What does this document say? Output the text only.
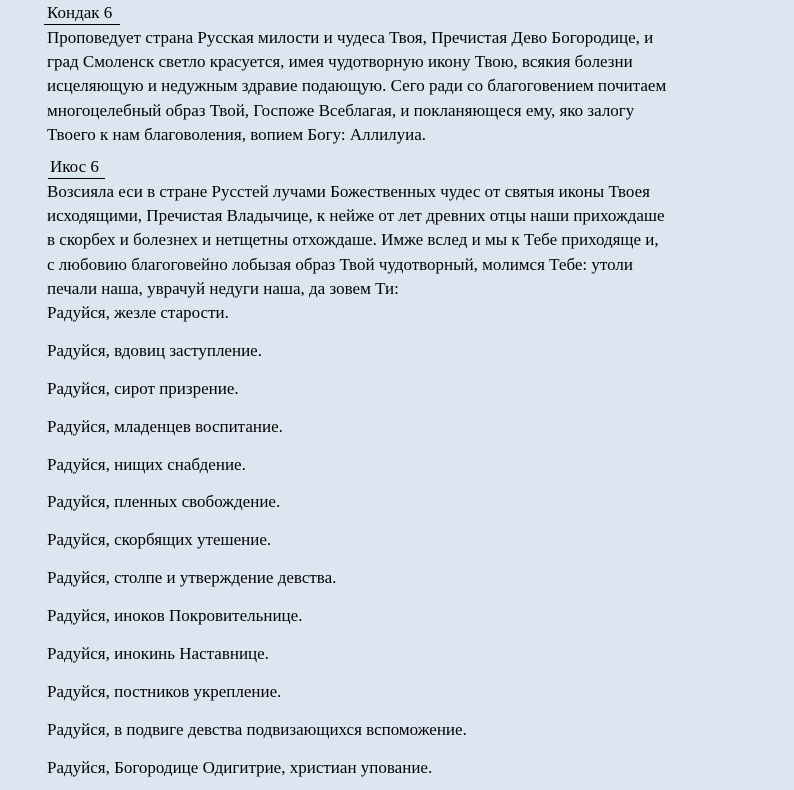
Кондак 6
Проповедует страна Русская милости и чудеса Твоя, Пречистая Дево Богородице, и
град Смоленск светло красуется, имея чудотворную икону Твою, всякия болезни
исцеляющую и недужным здравие подающую. Сего ради со благоговением почитаем
многоцелебный образ Твой, Госпоже Всеблагая, и покланяющеся ему, яко залогу
Твоего к нам благоволения, вопием Богу: Аллилуиа.
Икос 6
Возсияла еси в стране Русстей лучами Божественных чудес от святыя иконы Твоея
исходящими, Пречистая Владычице, к нейже от лет древних отцы наши прихождаше
в скорбех и болезнех и нетщетны отхождаше. Имже вслед и мы к Тебе приходяще и,
с любовию благоговейно лобызая образ Твой чудотворный, молимся Тебе: утоли
печали наша, уврачуй недуги наша, да зовем Ти:
Радуйся, жезле старости.
Радуйся, вдовиц заступление.
Радуйся, сирот призрение.
Радуйся, младенцев воспитание.
Радуйся, нищих снабдение.
Радуйся, пленных свобождение.
Радуйся, скорбящих утешение.
Радуйся, столпе и утверждение девства.
Радуйся, иноков Покровительнице.
Радуйся, инокинь Наставнице.
Радуйся, постников укрепление.
Радуйся, в подвиге девства подвизающихся вспоможение.
Радуйся, Богородице Одигитрие, христиан упование.
